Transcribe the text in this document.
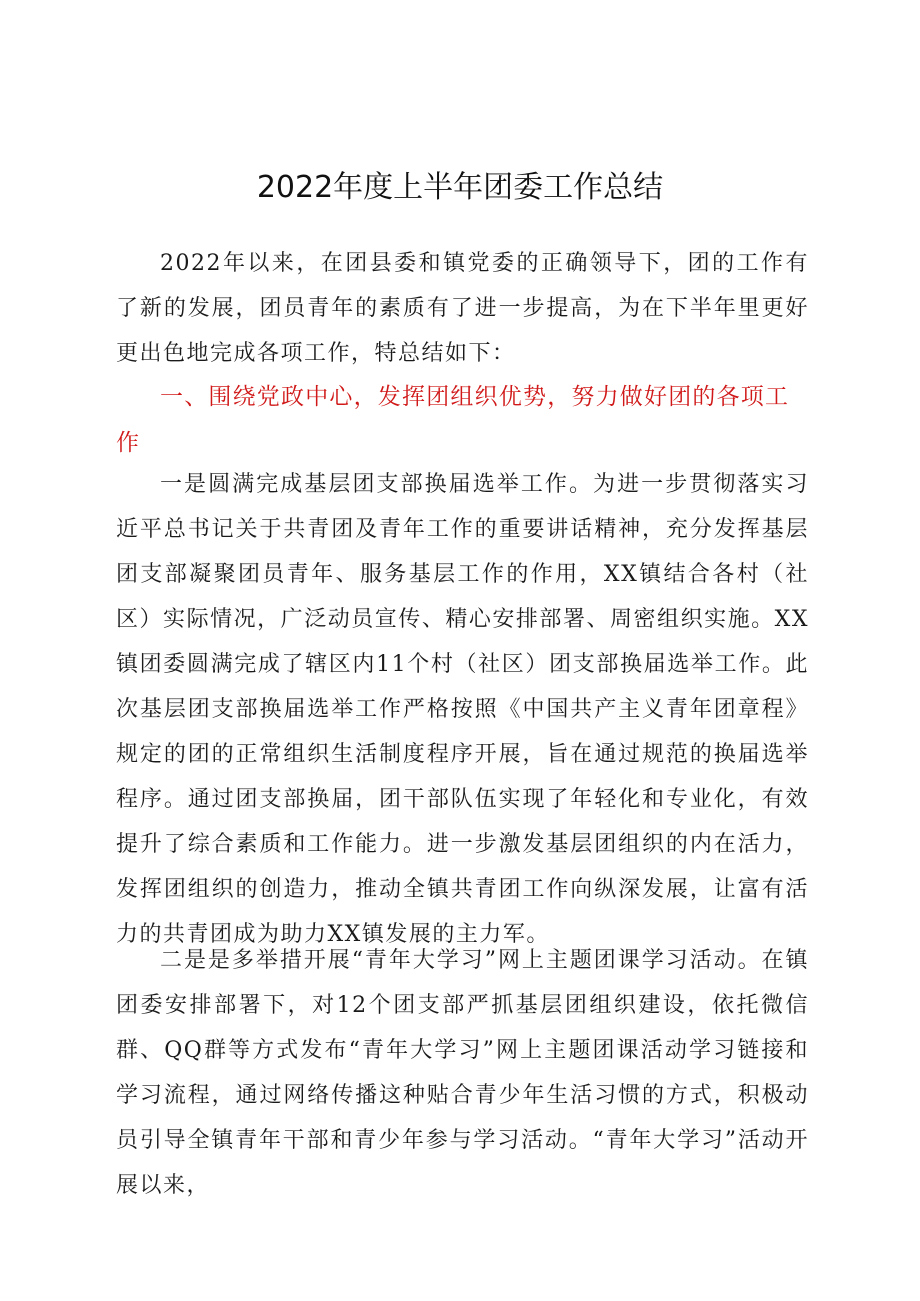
2022年度上半年团委工作总结

2022年以来，在团县委和镇党委的正确领导下，团的工作有了新的发展，团员青年的素质有了进一步提高，为在下半年里更好更出色地完成各项工作，特总结如下：

一、围绕党政中心，发挥团组织优势，努力做好团的各项工作

一是圆满完成基层团支部换届选举工作。为进一步贯彻落实习近平总书记关于共青团及青年工作的重要讲话精神，充分发挥基层团支部凝聚团员青年、服务基层工作的作用，XX镇结合各村（社区）实际情况，广泛动员宣传、精心安排部署、周密组织实施。XX镇团委圆满完成了辖区内11个村（社区）团支部换届选举工作。此次基层团支部换届选举工作严格按照《中国共产主义青年团章程》规定的团的正常组织生活制度程序开展，旨在通过规范的换届选举程序。通过团支部换届，团干部队伍实现了年轻化和专业化，有效提升了综合素质和工作能力。进一步激发基层团组织的内在活力，发挥团组织的创造力，推动全镇共青团工作向纵深发展，让富有活力的共青团成为助力XX镇发展的主力军。

二是是多举措开展“青年大学习”网上主题团课学习活动。在镇团委安排部署下，对12个团支部严抓基层团组织建设，依托微信群、QQ群等方式发布“青年大学习”网上主题团课活动学习链接和学习流程，通过网络传播这种贴合青少年生活习惯的方式，积极动员引导全镇青年干部和青少年参与学习活动。“青年大学习”活动开展以来，
